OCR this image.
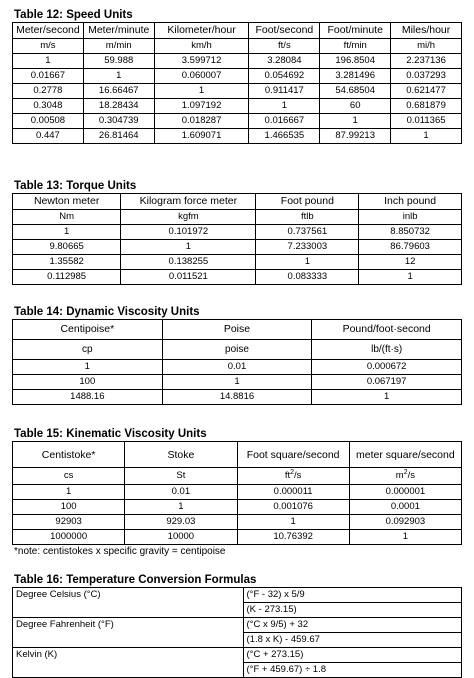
Table 12: Speed Units
Meter/second	Meter/minute	Kilometer/hour	Foot/second	Foot/minute	Miles/hour
m/s	m/min	km/h	ft/s	ft/min	mi/h
1	59.988	3.599712	3.28084	196.8504	2.237136
0.01667	1	0.060007	0.054692	3.281496	0.037293
0.2778	16.66467	1	0.911417	54.68504	0.621477
0.3048	18.28434	1.097192	1	60	0.681879
0.00508	0.304739	0.018287	0.016667	1	0.011365
0.447	26.81464	1.609071	1.466535	87.99213	1
Table 13: Torque Units
Newton meter	Kilogram force meter	Foot pound	Inch pound
Nm	kgfm	ftlb	inlb
1	0.101972	0.737561	8.850732
9.80665	1	7.233003	86.79603
1.35582	0.138255	1	12
0.112985	0.011521	0.083333	1
Table 14: Dynamic Viscosity Units
Centipoise*	Poise	Pound/foot·second
cp	poise	lb/(ft·s)
1	0.01	0.000672
100	1	0.067197
1488.16	14.8816	1
Table 15: Kinematic Viscosity Units
Centistoke*	Stoke	Foot square/second	meter square/second
cs	St	$ft^2/s$	$m^2/s$
1	0.01	0.000011	0.000001
100	1	0.001076	0.0001
92903	929.03	1	0.092903
1000000	10000	10.76392	1
*note: centistokes x specific gravity = centipoise
Table 16: Temperature Conversion Formulas
Degree Celsius (°C)	(°F - 32) x 5/9
	(K - 273.15)
Degree Fahrenheit (°F)	(°C x 9/5) + 32
	(1.8 x K) - 459.67
Kelvin (K)	(°C + 273.15)
	(°F + 459.67) ÷ 1.8
